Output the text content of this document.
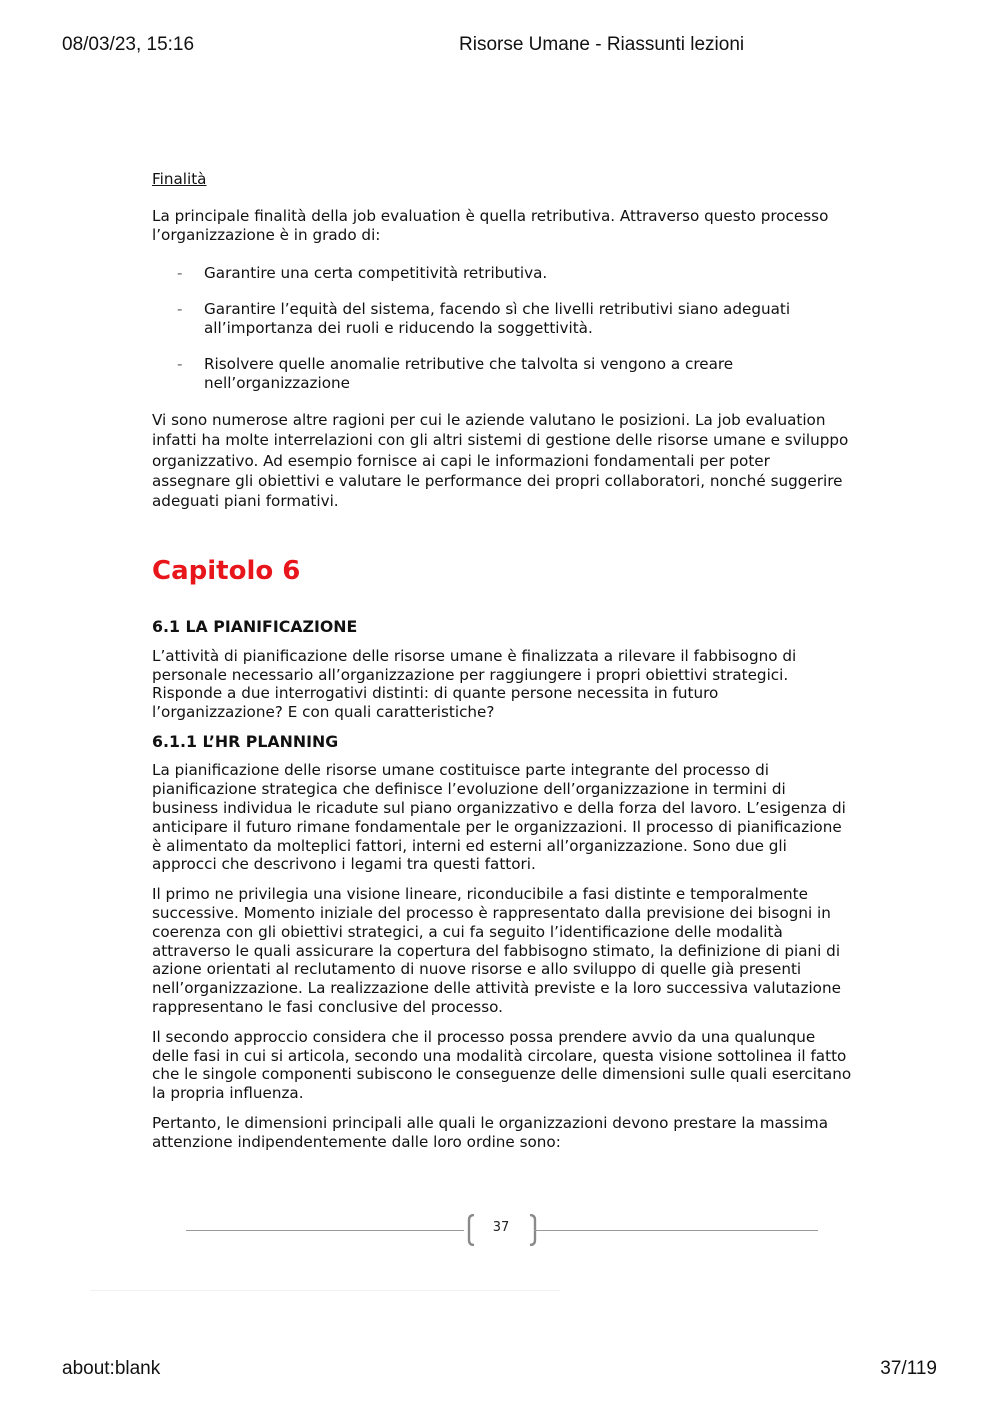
08/03/23, 15:16	Risorse Umane - Riassunti lezioni

Finalità

La principale finalità della job evaluation è quella retributiva. Attraverso questo processo l’organizzazione è in grado di:

- Garantire una certa competitività retributiva.
- Garantire l’equità del sistema, facendo sì che livelli retributivi siano adeguati all’importanza dei ruoli e riducendo la soggettività.
- Risolvere quelle anomalie retributive che talvolta si vengono a creare nell’organizzazione

Vi sono numerose altre ragioni per cui le aziende valutano le posizioni. La job evaluation infatti ha molte interrelazioni con gli altri sistemi di gestione delle risorse umane e sviluppo organizzativo. Ad esempio fornisce ai capi le informazioni fondamentali per poter assegnare gli obiettivi e valutare le performance dei propri collaboratori, nonché suggerire adeguati piani formativi.

Capitolo 6
6.1 LA PIANIFICAZIONE

L’attività di pianificazione delle risorse umane è finalizzata a rilevare il fabbisogno di personale necessario all’organizzazione per raggiungere i propri obiettivi strategici. Risponde a due interrogativi distinti: di quante persone necessita in futuro l’organizzazione? E con quali caratteristiche?

6.1.1 L’HR PLANNING

La pianificazione delle risorse umane costituisce parte integrante del processo di pianificazione strategica che definisce l’evoluzione dell’organizzazione in termini di business individua le ricadute sul piano organizzativo e della forza del lavoro. L’esigenza di anticipare il futuro rimane fondamentale per le organizzazioni. Il processo di pianificazione è alimentato da molteplici fattori, interni ed esterni all’organizzazione. Sono due gli approcci che descrivono i legami tra questi fattori.

Il primo ne privilegia una visione lineare, riconducibile a fasi distinte e temporalmente successive. Momento iniziale del processo è rappresentato dalla previsione dei bisogni in coerenza con gli obiettivi strategici, a cui fa seguito l’identificazione delle modalità attraverso le quali assicurare la copertura del fabbisogno stimato, la definizione di piani di azione orientati al reclutamento di nuove risorse e allo sviluppo di quelle già presenti nell’organizzazione. La realizzazione delle attività previste e la loro successiva valutazione rappresentano le fasi conclusive del processo.

Il secondo approccio considera che il processo possa prendere avvio da una qualunque delle fasi in cui si articola, secondo una modalità circolare, questa visione sottolinea il fatto che le singole componenti subiscono le conseguenze delle dimensioni sulle quali esercitano la propria influenza.

Pertanto, le dimensioni principali alle quali le organizzazioni devono prestare la massima attenzione indipendentemente dalle loro ordine sono:

37
about:blank	37/119
